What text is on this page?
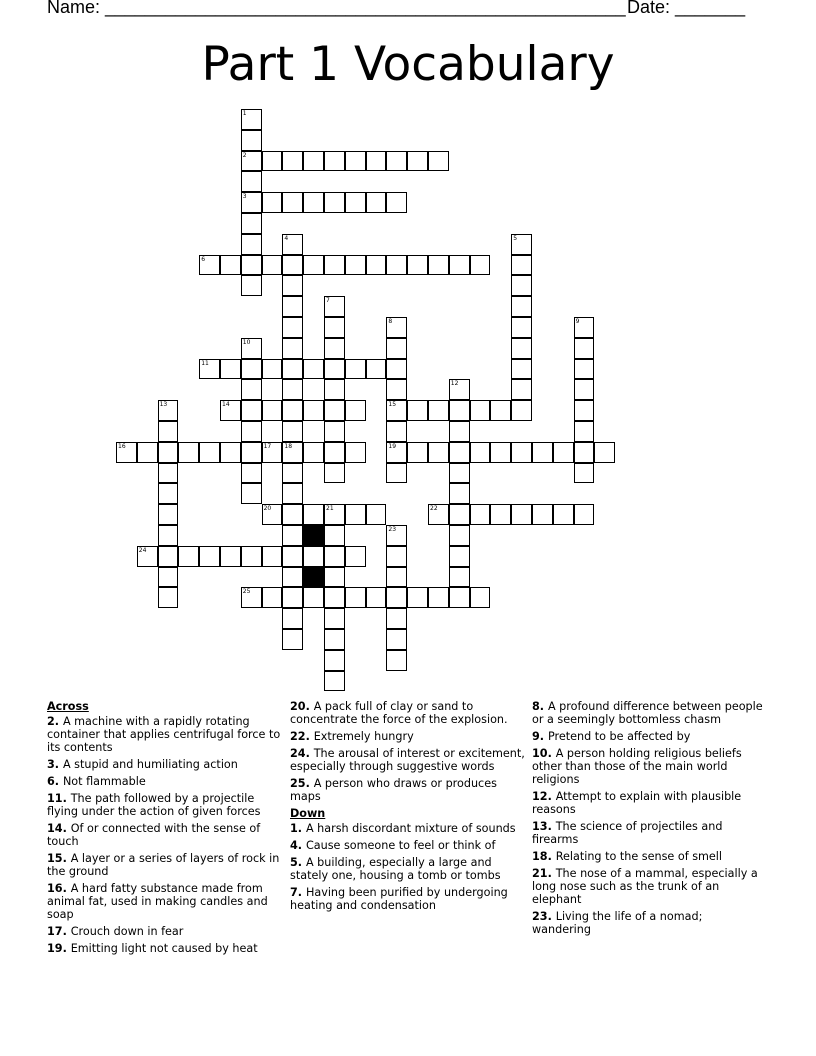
Name: ____________________________________________________ Date: _______
Part 1 Vocabulary
1
2
3
4
18
5
7
8
15
19
9
10
12
13
21
23
6
11
14
16	17
20	22
24
25
Across
2. A machine with a rapidly rotating container that applies centrifugal force to its contents
3. A stupid and humiliating action
6. Not flammable
11. The path followed by a projectile flying under the action of given forces
14. Of or connected with the sense of touch
15. A layer or a series of layers of rock in the ground
16. A hard fatty substance made from animal fat, used in making candles and soap
17. Crouch down in fear
19. Emitting light not caused by heat
20. A pack full of clay or sand to concentrate the force of the explosion.
22. Extremely hungry
24. The arousal of interest or excitement, especially through suggestive words
25. A person who draws or produces maps
Down
1. A harsh discordant mixture of sounds
4. Cause someone to feel or think of
5. A building, especially a large and stately one, housing a tomb or tombs
7. Having been purified by undergoing heating and condensation
8. A profound difference between people or a seemingly bottomless chasm
9. Pretend to be affected by
10. A person holding religious beliefs other than those of the main world religions
12. Attempt to explain with plausible reasons
13. The science of projectiles and firearms
18. Relating to the sense of smell
21. The nose of a mammal, especially a long nose such as the trunk of an elephant
23. Living the life of a nomad; wandering
